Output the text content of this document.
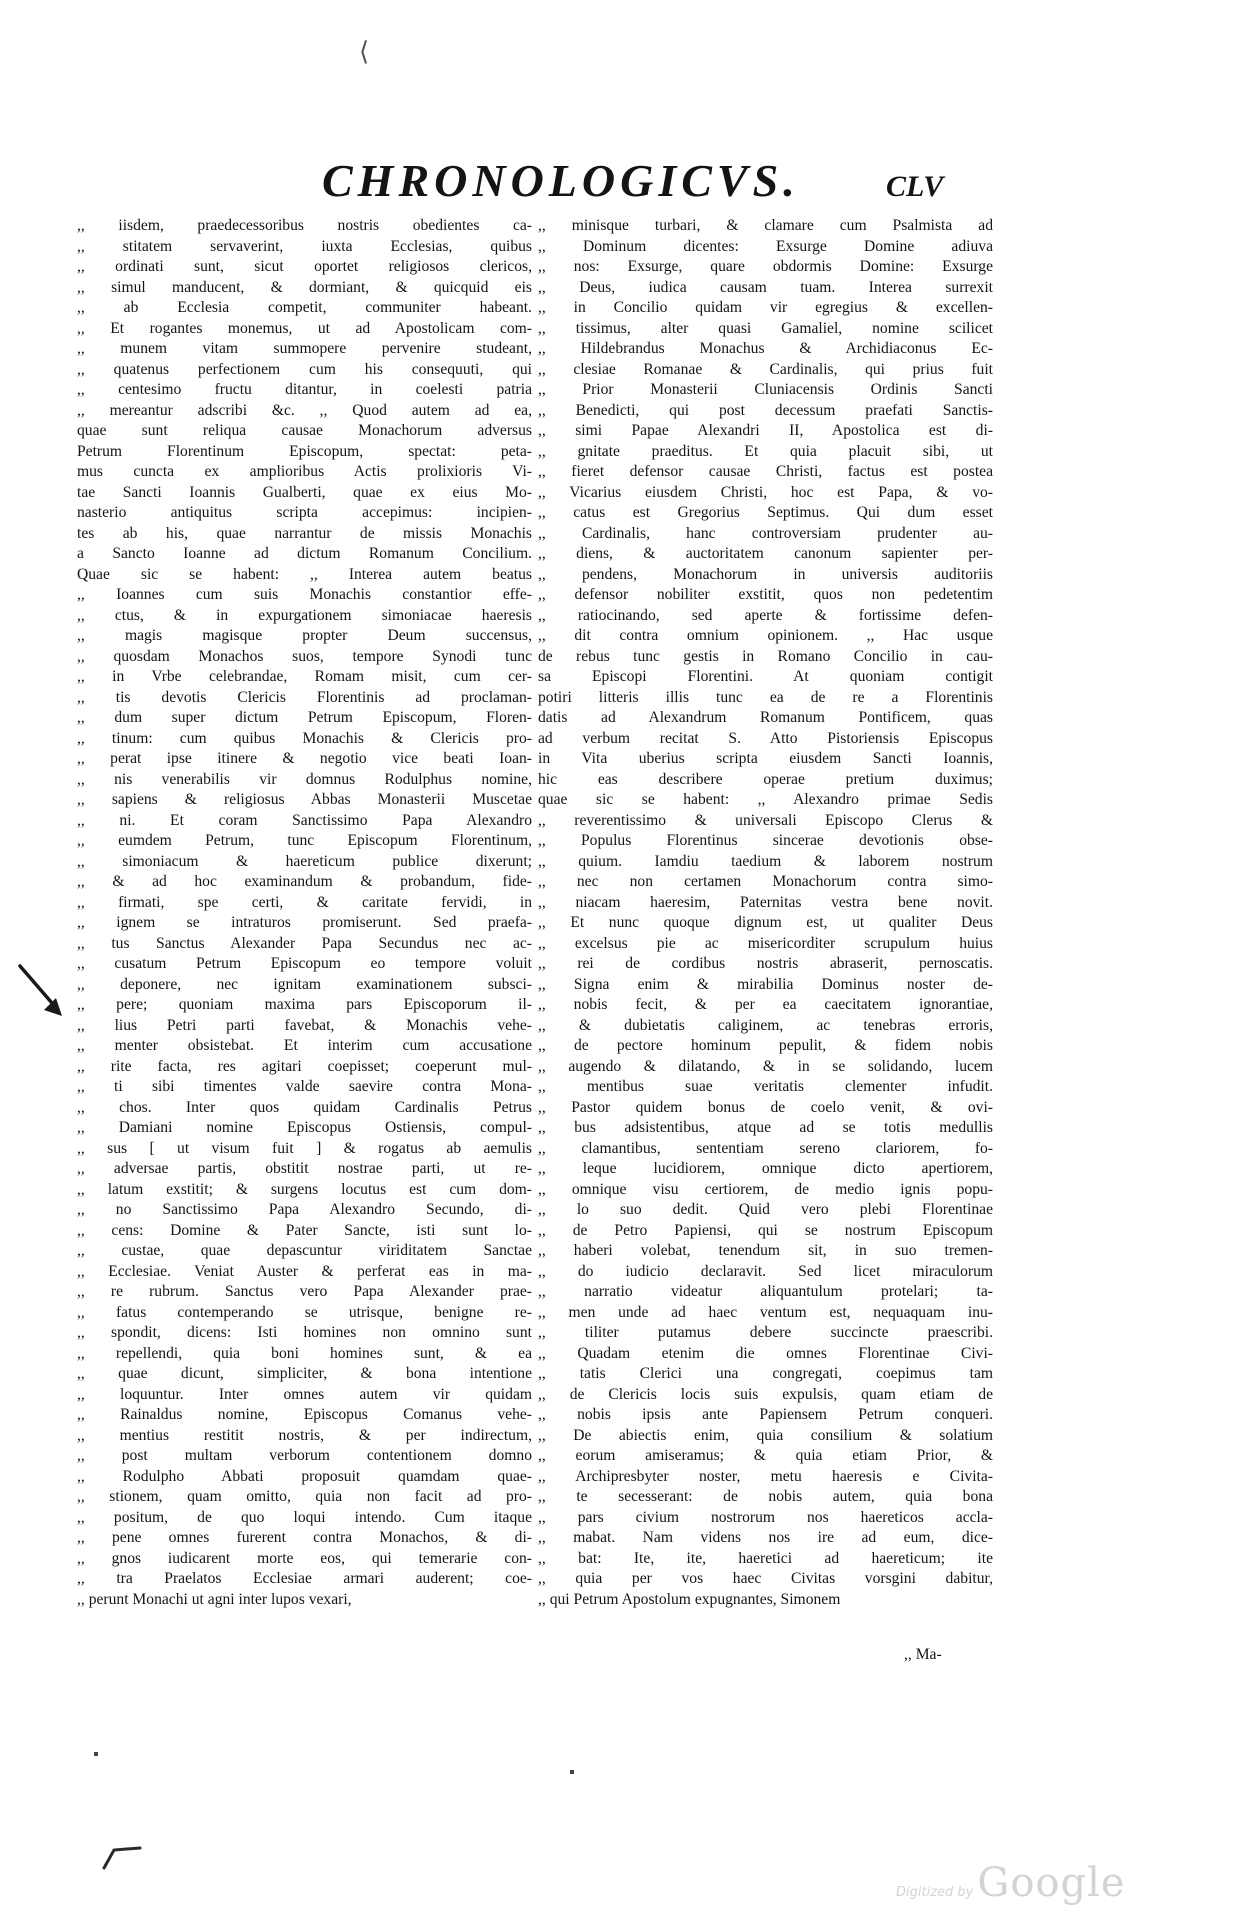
⟨
CHRONOLOGICVS.	CLV
,, iisdem, praedecessoribus nostris obedientes ca-
,, stitatem servaverint, iuxta Ecclesias, quibus
,, ordinati sunt, sicut oportet religiosos clericos,
,, simul manducent, & dormiant, & quicquid eis
,, ab Ecclesia competit, communiter habeant.
,, Et rogantes monemus, ut ad Apostolicam com-
,, munem vitam summopere pervenire studeant,
,, quatenus perfectionem cum his consequuti, qui
,, centesimo fructu ditantur, in coelesti patria
,, mereantur adscribi &c. ,, Quod autem ad ea,
quae sunt reliqua causae Monachorum adversus
Petrum Florentinum Episcopum, spectat: peta-
mus cuncta ex amplioribus Actis prolixioris Vi-
tae Sancti Ioannis Gualberti, quae ex eius Mo-
nasterio antiquitus scripta accepimus: incipien-
tes ab his, quae narrantur de missis Monachis
a Sancto Ioanne ad dictum Romanum Concilium.
Quae sic se habent: ,, Interea autem beatus
,, Ioannes cum suis Monachis constantior effe-
,, ctus, & in expurgationem simoniacae haeresis
,, magis magisque propter Deum succensus,
,, quosdam Monachos suos, tempore Synodi tunc
,, in Vrbe celebrandae, Romam misit, cum cer-
,, tis devotis Clericis Florentinis ad proclaman-
,, dum super dictum Petrum Episcopum, Floren-
,, tinum: cum quibus Monachis & Clericis pro-
,, perat ipse itinere & negotio vice beati Ioan-
,, nis venerabilis vir domnus Rodulphus nomine,
,, sapiens & religiosus Abbas Monasterii Muscetae
,, ni. Et coram Sanctissimo Papa Alexandro
,, eumdem Petrum, tunc Episcopum Florentinum,
,, simoniacum & haereticum publice dixerunt;
,, & ad hoc examinandum & probandum, fide-
,, firmati, spe certi, & caritate fervidi, in
,, ignem se intraturos promiserunt. Sed praefa-
,, tus Sanctus Alexander Papa Secundus nec ac-
,, cusatum Petrum Episcopum eo tempore voluit
,, deponere, nec ignitam examinationem subsci-
,, pere; quoniam maxima pars Episcoporum il-
,, lius Petri parti favebat, & Monachis vehe-
,, menter obsistebat. Et interim cum accusatione
,, rite facta, res agitari coepisset; coeperunt mul-
,, ti sibi timentes valde saevire contra Mona-
,, chos. Inter quos quidam Cardinalis Petrus
,, Damiani nomine Episcopus Ostiensis, compul-
,, sus [ ut visum fuit ] & rogatus ab aemulis
,, adversae partis, obstitit nostrae parti, ut re-
,, latum exstitit; & surgens locutus est cum dom-
,, no Sanctissimo Papa Alexandro Secundo, di-
,, cens: Domine & Pater Sancte, isti sunt lo-
,, custae, quae depascuntur viriditatem Sanctae
,, Ecclesiae. Veniat Auster & perferat eas in ma-
,, re rubrum. Sanctus vero Papa Alexander prae-
,, fatus contemperando se utrisque, benigne re-
,, spondit, dicens: Isti homines non omnino sunt
,, repellendi, quia boni homines sunt, & ea
,, quae dicunt, simpliciter, & bona intentione
,, loquuntur. Inter omnes autem vir quidam
,, Rainaldus nomine, Episcopus Comanus vehe-
,, mentius restitit nostris, & per indirectum,
,, post multam verborum contentionem domno
,, Rodulpho Abbati proposuit quamdam quae-
,, stionem, quam omitto, quia non facit ad pro-
,, positum, de quo loqui intendo. Cum itaque
,, pene omnes furerent contra Monachos, & di-
,, gnos iudicarent morte eos, qui temerarie con-
,, tra Praelatos Ecclesiae armari auderent; coe-
,, perunt Monachi ut agni inter lupos vexari,
,, minisque turbari, & clamare cum Psalmista ad
,, Dominum dicentes: Exsurge Domine adiuva
,, nos: Exsurge, quare obdormis Domine: Exsurge
,, Deus, iudica causam tuam. Interea surrexit
,, in Concilio quidam vir egregius & excellen-
,, tissimus, alter quasi Gamaliel, nomine scilicet
,, Hildebrandus Monachus & Archidiaconus Ec-
,, clesiae Romanae & Cardinalis, qui prius fuit
,, Prior Monasterii Cluniacensis Ordinis Sancti
,, Benedicti, qui post decessum praefati Sanctis-
,, simi Papae Alexandri II, Apostolica est di-
,, gnitate praeditus. Et quia placuit sibi, ut
,, fieret defensor causae Christi, factus est postea
,, Vicarius eiusdem Christi, hoc est Papa, & vo-
,, catus est Gregorius Septimus. Qui dum esset
,, Cardinalis, hanc controversiam prudenter au-
,, diens, & auctoritatem canonum sapienter per-
,, pendens, Monachorum in universis auditoriis
,, defensor nobiliter exstitit, quos non pedetentim
,, ratiocinando, sed aperte & fortissime defen-
,, dit contra omnium opinionem. ,, Hac usque
de rebus tunc gestis in Romano Concilio in cau-
sa Episcopi Florentini. At quoniam contigit
potiri litteris illis tunc ea de re a Florentinis
datis ad Alexandrum Romanum Pontificem, quas
ad verbum recitat S. Atto Pistoriensis Episcopus
in Vita uberius scripta eiusdem Sancti Ioannis,
hic eas describere operae pretium duximus;
quae sic se habent: ,, Alexandro primae Sedis
,, reverentissimo & universali Episcopo Clerus &
,, Populus Florentinus sincerae devotionis obse-
,, quium. Iamdiu taedium & laborem nostrum
,, nec non certamen Monachorum contra simo-
,, niacam haeresim, Paternitas vestra bene novit.
,, Et nunc quoque dignum est, ut qualiter Deus
,, excelsus pie ac misericorditer scrupulum huius
,, rei de cordibus nostris abraserit, pernoscatis.
,, Signa enim & mirabilia Dominus noster de-
,, nobis fecit, & per ea caecitatem ignorantiae,
,, & dubietatis caliginem, ac tenebras erroris,
,, de pectore hominum pepulit, & fidem nobis
,, augendo & dilatando, & in se solidando, lucem
,, mentibus suae veritatis clementer infudit.
,, Pastor quidem bonus de coelo venit, & ovi-
,, bus adsistentibus, atque ad se totis medullis
,, clamantibus, sententiam sereno clariorem, fo-
,, leque lucidiorem, omnique dicto apertiorem,
,, omnique visu certiorem, de medio ignis popu-
,, lo suo dedit. Quid vero plebi Florentinae
,, de Petro Papiensi, qui se nostrum Episcopum
,, haberi volebat, tenendum sit, in suo tremen-
,, do iudicio declaravit. Sed licet miraculorum
,, narratio videatur aliquantulum protelari; ta-
,, men unde ad haec ventum est, nequaquam inu-
,, tiliter putamus debere succincte praescribi.
,, Quadam etenim die omnes Florentinae Civi-
,, tatis Clerici una congregati, coepimus tam
,, de Clericis locis suis expulsis, quam etiam de
,, nobis ipsis ante Papiensem Petrum conqueri.
,, De abiectis enim, quia consilium & solatium
,, eorum amiseramus; & quia etiam Prior, &
,, Archipresbyter noster, metu haeresis e Civita-
,, te secesserant: de nobis autem, quia bona
,, pars civium nostrorum nos haereticos accla-
,, mabat. Nam videns nos ire ad eum, dice-
,, bat: Ite, ite, haeretici ad haereticum; ite
,, quia per vos haec Civitas vorsgini dabitur,
,, qui Petrum Apostolum expugnantes, Simonem
,, Ma-
Digitized by Google
